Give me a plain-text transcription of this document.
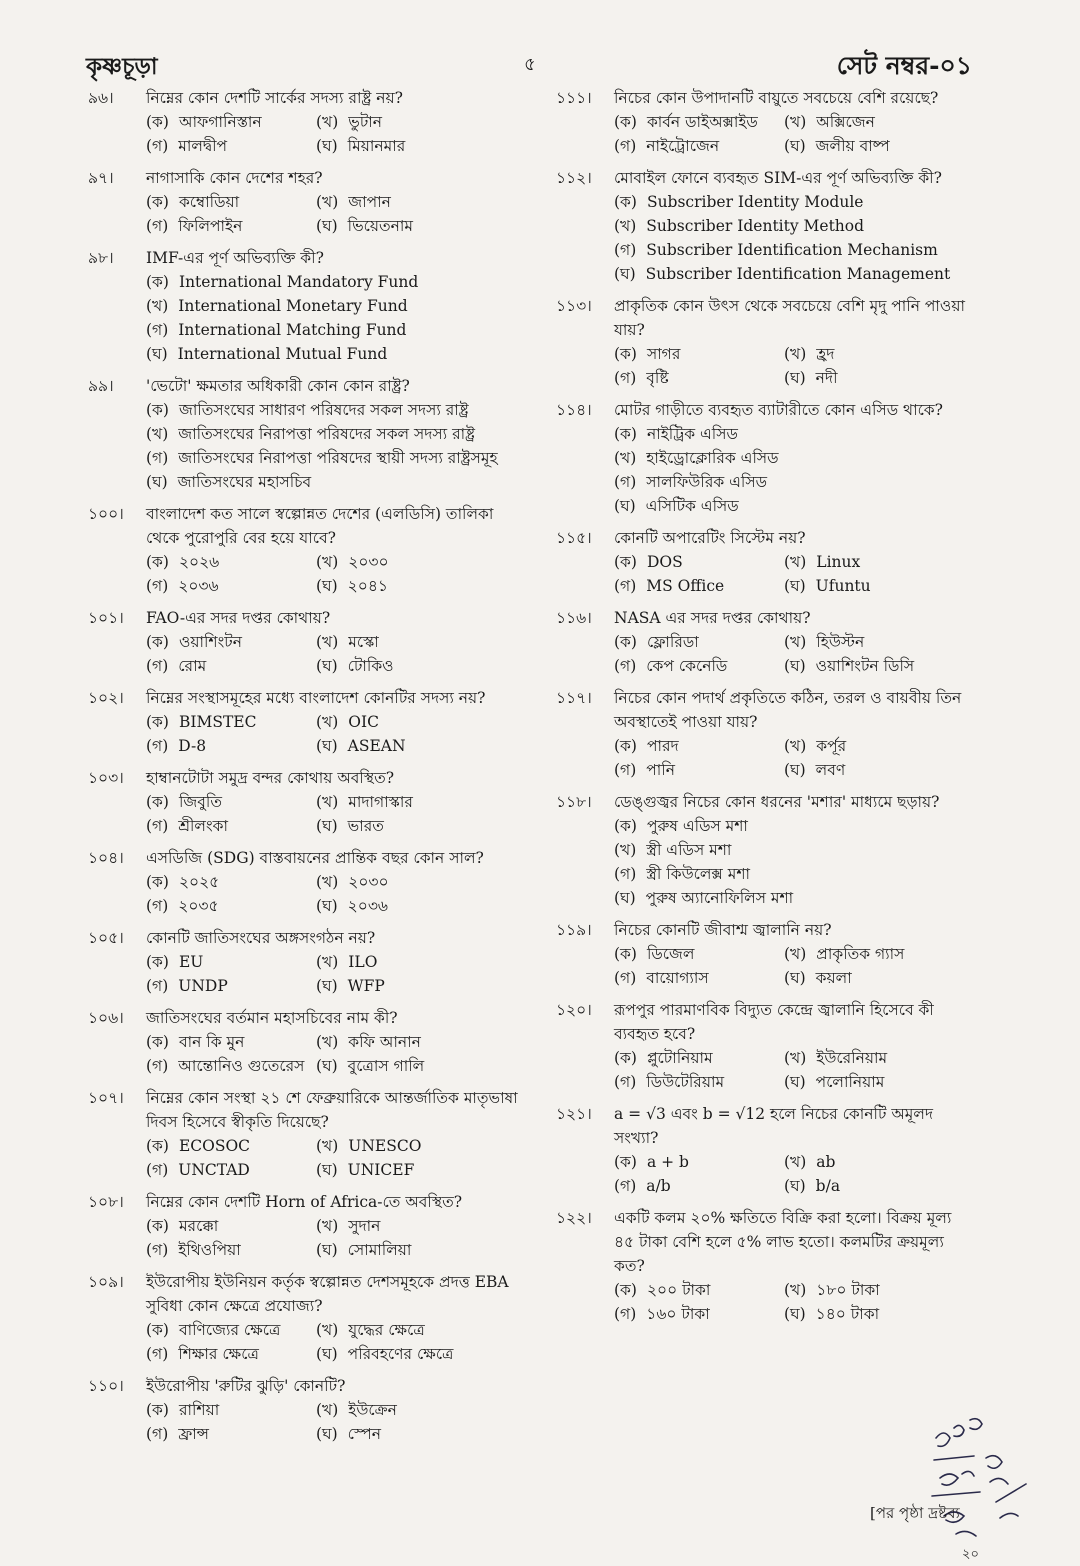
কৃষ্ণচূড়া	৫	সেট নম্বর-০১
৯৬।	নিম্নের কোন দেশটি সার্কের সদস্য রাষ্ট্র নয়?
(ক) আফগানিস্তান	(খ) ভুটান
(গ) মালদ্বীপ	(ঘ) মিয়ানমার
৯৭।	নাগাসাকি কোন দেশের শহর?
(ক) কম্বোডিয়া	(খ) জাপান
(গ) ফিলিপাইন	(ঘ) ভিয়েতনাম
৯৮।	IMF-এর পূর্ণ অভিব্যক্তি কী?
(ক) International Mandatory Fund
(খ) International Monetary Fund
(গ) International Matching Fund
(ঘ) International Mutual Fund
৯৯।	'ভেটো' ক্ষমতার অধিকারী কোন কোন রাষ্ট্র?
(ক) জাতিসংঘের সাধারণ পরিষদের সকল সদস্য রাষ্ট্র
(খ) জাতিসংঘের নিরাপত্তা পরিষদের সকল সদস্য রাষ্ট্র
(গ) জাতিসংঘের নিরাপত্তা পরিষদের স্থায়ী সদস্য রাষ্ট্রসমূহ
(ঘ) জাতিসংঘের মহাসচিব
১০০।	বাংলাদেশ কত সালে স্বল্পোন্নত দেশের (এলডিসি) তালিকা থেকে পুরোপুরি বের হয়ে যাবে?
(ক) ২০২৬	(খ) ২০৩০
(গ) ২০৩৬	(ঘ) ২০৪১
১০১।	FAO-এর সদর দপ্তর কোথায়?
(ক) ওয়াশিংটন	(খ) মস্কো
(গ) রোম	(ঘ) টোকিও
১০২।	নিম্নের সংস্থাসমূহের মধ্যে বাংলাদেশ কোনটির সদস্য নয়?
(ক) BIMSTEC	(খ) OIC
(গ) D-8	(ঘ) ASEAN
১০৩।	হাম্বানটোটা সমুদ্র বন্দর কোথায় অবস্থিত?
(ক) জিবুতি	(খ) মাদাগাস্কার
(গ) শ্রীলংকা	(ঘ) ভারত
১০৪।	এসডিজি (SDG) বাস্তবায়নের প্রান্তিক বছর কোন সাল?
(ক) ২০২৫	(খ) ২০৩০
(গ) ২০৩৫	(ঘ) ২০৩৬
১০৫।	কোনটি জাতিসংঘের অঙ্গসংগঠন নয়?
(ক) EU	(খ) ILO
(গ) UNDP	(ঘ) WFP
১০৬।	জাতিসংঘের বর্তমান মহাসচিবের নাম কী?
(ক) বান কি মুন	(খ) কফি আনান
(গ) আন্তোনিও গুতেরেস (ঘ) বুত্রোস গালি
১০৭।	নিম্নের কোন সংস্থা ২১ শে ফেব্রুয়ারিকে আন্তর্জাতিক মাতৃভাষা দিবস হিসেবে স্বীকৃতি দিয়েছে?
(ক) ECOSOC	(খ) UNESCO
(গ) UNCTAD	(ঘ) UNICEF
১০৮।	নিম্নের কোন দেশটি Horn of Africa-তে অবস্থিত?
(ক) মরক্কো	(খ) সুদান
(গ) ইথিওপিয়া	(ঘ) সোমালিয়া
১০৯।	ইউরোপীয় ইউনিয়ন কর্তৃক স্বল্পোন্নত দেশসমূহকে প্রদত্ত EBA সুবিধা কোন ক্ষেত্রে প্রযোজ্য?
(ক) বাণিজ্যের ক্ষেত্রে	(খ) যুদ্ধের ক্ষেত্রে
(গ) শিক্ষার ক্ষেত্রে	(ঘ) পরিবহণের ক্ষেত্রে
১১০।	ইউরোপীয় 'রুটির ঝুড়ি' কোনটি?
(ক) রাশিয়া	(খ) ইউক্রেন
(গ) ফ্রান্স	(ঘ) স্পেন
১১১।	নিচের কোন উপাদানটি বায়ুতে সবচেয়ে বেশি রয়েছে?
(ক) কার্বন ডাইঅক্সাইড	(খ) অক্সিজেন
(গ) নাইট্রোজেন	(ঘ) জলীয় বাষ্প
১১২।	মোবাইল ফোনে ব্যবহৃত SIM-এর পূর্ণ অভিব্যক্তি কী?
(ক) Subscriber Identity Module
(খ) Subscriber Identity Method
(গ) Subscriber Identification Mechanism
(ঘ) Subscriber Identification Management
১১৩।	প্রাকৃতিক কোন উৎস থেকে সবচেয়ে বেশি মৃদু পানি পাওয়া যায়?
(ক) সাগর	(খ) হ্রদ
(গ) বৃষ্টি	(ঘ) নদী
১১৪।	মোটর গাড়ীতে ব্যবহৃত ব্যাটারীতে কোন এসিড থাকে?
(ক) নাইট্রিক এসিড
(খ) হাইড্রোক্লোরিক এসিড
(গ) সালফিউরিক এসিড
(ঘ) এসিটিক এসিড
১১৫।	কোনটি অপারেটিং সিস্টেম নয়?
(ক) DOS	(খ) Linux
(গ) MS Office	(ঘ) Ufuntu
১১৬।	NASA এর সদর দপ্তর কোথায়?
(ক) ফ্লোরিডা	(খ) হিউস্টন
(গ) কেপ কেনেডি	(ঘ) ওয়াশিংটন ডিসি
১১৭।	নিচের কোন পদার্থ প্রকৃতিতে কঠিন, তরল ও বায়বীয় তিন অবস্থাতেই পাওয়া যায়?
(ক) পারদ	(খ) কর্পূর
(গ) পানি	(ঘ) লবণ
১১৮।	ডেঙ্গুজ্বর নিচের কোন ধরনের 'মশার' মাধ্যমে ছড়ায়?
(ক) পুরুষ এডিস মশা
(খ) স্ত্রী এডিস মশা
(গ) স্ত্রী কিউলেক্স মশা
(ঘ) পুরুষ অ্যানোফিলিস মশা
১১৯।	নিচের কোনটি জীবাশ্ম জ্বালানি নয়?
(ক) ডিজেল	(খ) প্রাকৃতিক গ্যাস
(গ) বায়োগ্যাস	(ঘ) কয়লা
১২০।	রূপপুর পারমাণবিক বিদ্যুত কেন্দ্রে জ্বালানি হিসেবে কী ব্যবহৃত হবে?
(ক) প্লুটোনিয়াম	(খ) ইউরেনিয়াম
(গ) ডিউটেরিয়াম	(ঘ) পলোনিয়াম
১২১।	a = √3 এবং b = √12 হলে নিচের কোনটি অমূলদ সংখ্যা?
(ক) a + b	(খ) ab
(গ) a/b	(ঘ) b/a
১২২।	একটি কলম ২০% ক্ষতিতে বিক্রি করা হলো। বিক্রয় মূল্য ৪৫ টাকা বেশি হলে ৫% লাভ হতো। কলমটির ক্রয়মূল্য কত?
(ক) ২০০ টাকা	(খ) ১৮০ টাকা
(গ) ১৬০ টাকা	(ঘ) ১৪০ টাকা
[পর পৃষ্ঠা দ্রষ্টব্য
২০
